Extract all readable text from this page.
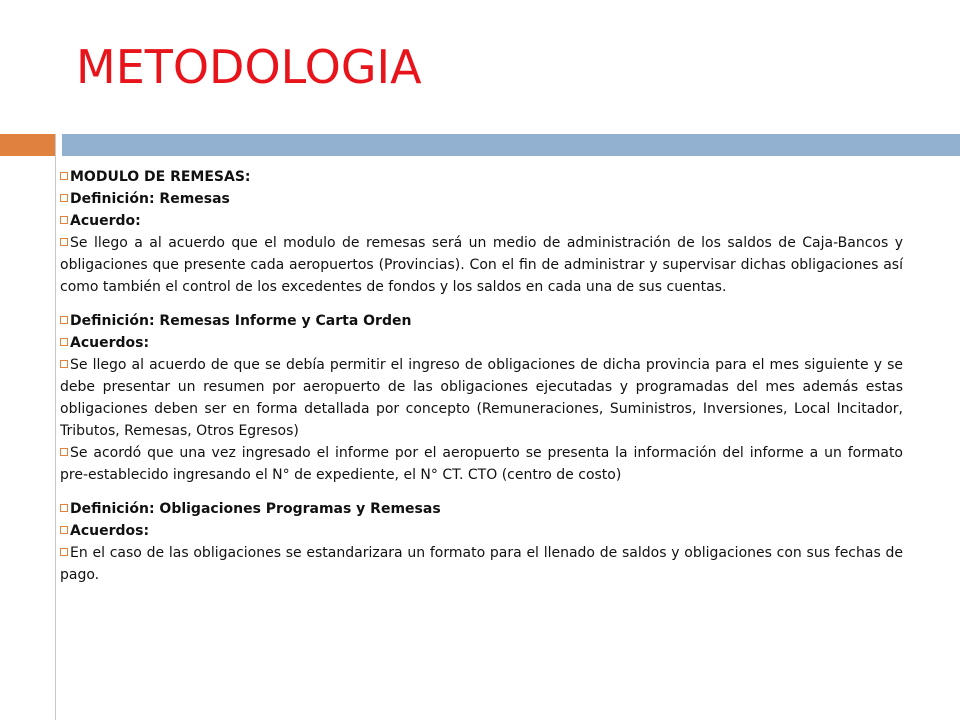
METODOLOGIA

MODULO DE REMESAS:

Definición: Remesas

Acuerdo:

Se llego a al acuerdo que el modulo de remesas será un medio de administración de los saldos de Caja-Bancos y obligaciones que presente cada aeropuertos (Provincias). Con el fin de administrar y supervisar dichas obligaciones así como también el control de los excedentes de fondos y los saldos en cada una de sus cuentas.

Definición: Remesas Informe y Carta Orden

Acuerdos:

Se llego al acuerdo de que se debía permitir el ingreso de obligaciones de dicha provincia para el mes siguiente y se debe presentar un resumen por aeropuerto de las obligaciones ejecutadas y programadas del mes además estas obligaciones deben ser en forma detallada por concepto (Remuneraciones, Suministros, Inversiones, Local Incitador, Tributos, Remesas, Otros Egresos)

Se acordó que una vez ingresado el informe por el aeropuerto se presenta la información del informe a un formato pre-establecido ingresando el N° de expediente, el N° CT. CTO (centro de costo)

Definición: Obligaciones Programas y Remesas

Acuerdos:

En el caso de las obligaciones se estandarizara un formato para el llenado de saldos y obligaciones con sus fechas de pago.
